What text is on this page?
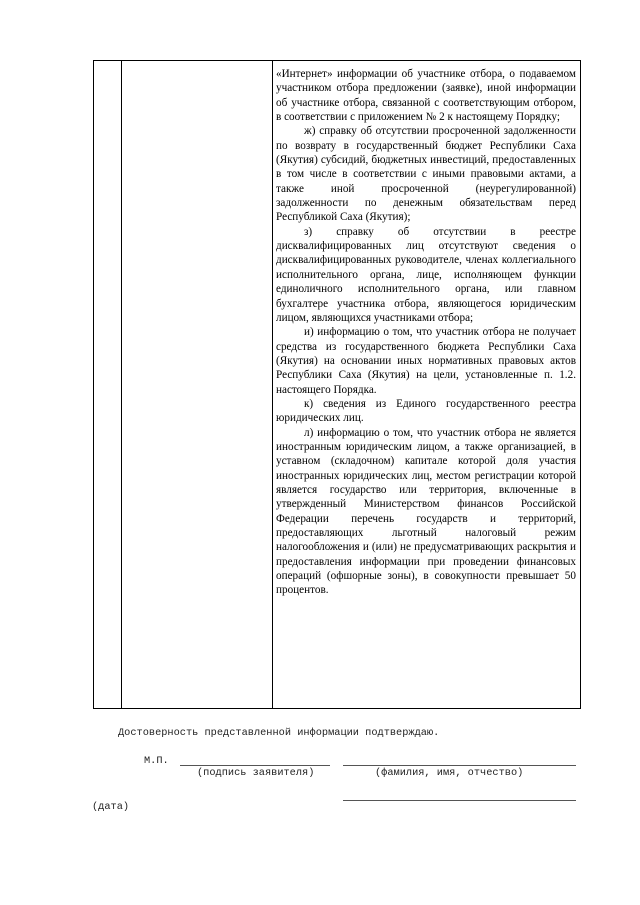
«Интернет» информации об участнике отбора, о подаваемом участником отбора предложении (заявке), иной информации об участнике отбора, связанной с соответствующим отбором, в соответствии с приложением № 2 к настоящему Порядку;

ж) справку об отсутствии просроченной задолженности по возврату в государственный бюджет Республики Саха (Якутия) субсидий, бюджетных инвестиций, предоставленных в том числе в соответствии с иными правовыми актами, а также иной просроченной (неурегулированной) задолженности по денежным обязательствам перед Республикой Саха (Якутия);

з) справку об отсутствии в реестре дисквалифицированных лиц отсутствуют сведения о дисквалифицированных руководителе, членах коллегиального исполнительного органа, лице, исполняющем функции единоличного исполнительного органа, или главном бухгалтере участника отбора, являющегося юридическим лицом, являющихся участниками отбора;

и) информацию о том, что участник отбора не получает средства из государственного бюджета Республики Саха (Якутия) на основании иных нормативных правовых актов Республики Саха (Якутия) на цели, установленные п. 1.2. настоящего Порядка.

к) сведения из Единого государственного реестра юридических лиц.

л) информацию о том, что участник отбора не является иностранным юридическим лицом, а также организацией, в уставном (складочном) капитале которой доля участия иностранных юридических лиц, местом регистрации которой является государство или территория, включенные в утвержденный Министерством финансов Российской Федерации перечень государств и территорий, предоставляющих льготный налоговый режим налогообложения и (или) не предусматривающих раскрытия и предоставления информации при проведении финансовых операций (офшорные зоны), в совокупности превышает 50 процентов.

Достоверность представленной информации подтверждаю.
М.П.
(подпись заявителя)	(фамилия, имя, отчество)
(дата)
